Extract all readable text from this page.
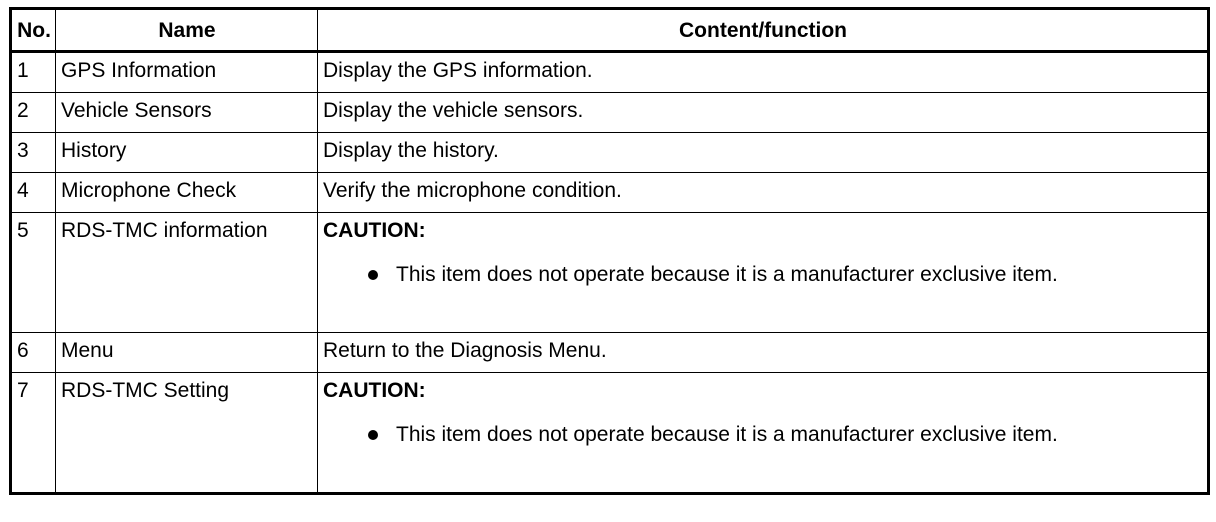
No.	Name	Content/function
1	GPS Information	Display the GPS information.
2	Vehicle Sensors	Display the vehicle sensors.
3	History	Display the history.
4	Microphone Check	Verify the microphone condition.
5	RDS-TMC information	CAUTION:
This item does not operate because it is a manufacturer exclusive item.

6	Menu	Return to the Diagnosis Menu.
7	RDS-TMC Setting	CAUTION:
This item does not operate because it is a manufacturer exclusive item.
